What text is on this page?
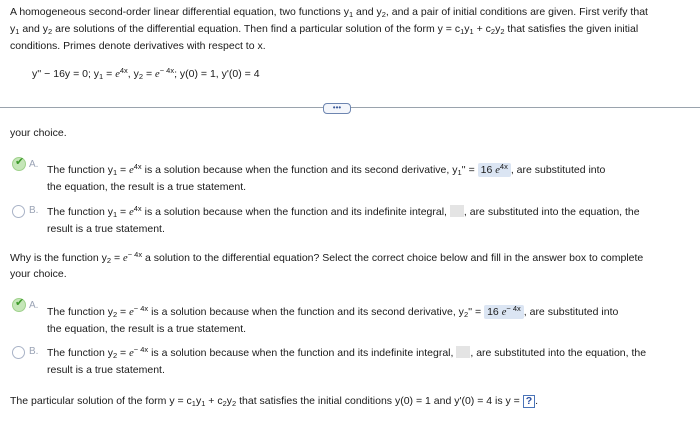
A homogeneous second-order linear differential equation, two functions $y_1$ and $y_2$, and a pair of initial conditions are given. First verify that
$y_1$ and $y_2$ are solutions of the differential equation. Then find a particular solution of the form $y = c_1y_1 + c_2y_2$ that satisfies the given initial
conditions. Primes denote derivatives with respect to x.
y'' − 16y = 0; $y_1 = e^{4x}$, $y_2 = e^{- 4x}$; y(0) = 1, y'(0) = 4
•••
your choice.
✔
A. The function $y_1 = e^{4x}$ is a solution because when the function and its second derivative, $y_1'' = 16$ $e^{4x}$ , are substituted into
the equation, the result is a true statement.
B. The function $y_1 = e^{4x}$ is a solution because when the function and its indefinite integral, , are substituted into the equation, the
result is a true statement.
Why is the function $y_2 = e^{- 4x}$ a solution to the differential equation? Select the correct choice below and fill in the answer box to complete
your choice.
✔
A.
The function $y_2 = e^{- 4x}$ is a solution because when the function and its second derivative, $y_2'' = 16$ $e^{- 4x}$ , are substituted into
the equation, the result is a true statement.
B. The function $y_2 = e^{- 4x}$ is a solution because when the function and its indefinite integral, , are substituted into the equation, the
result is a true statement.
The particular solution of the form $y = c_1y_1 + c_2y_2$ that satisfies the initial conditions y(0) = 1 and y'(0) = 4 is y = ? .
